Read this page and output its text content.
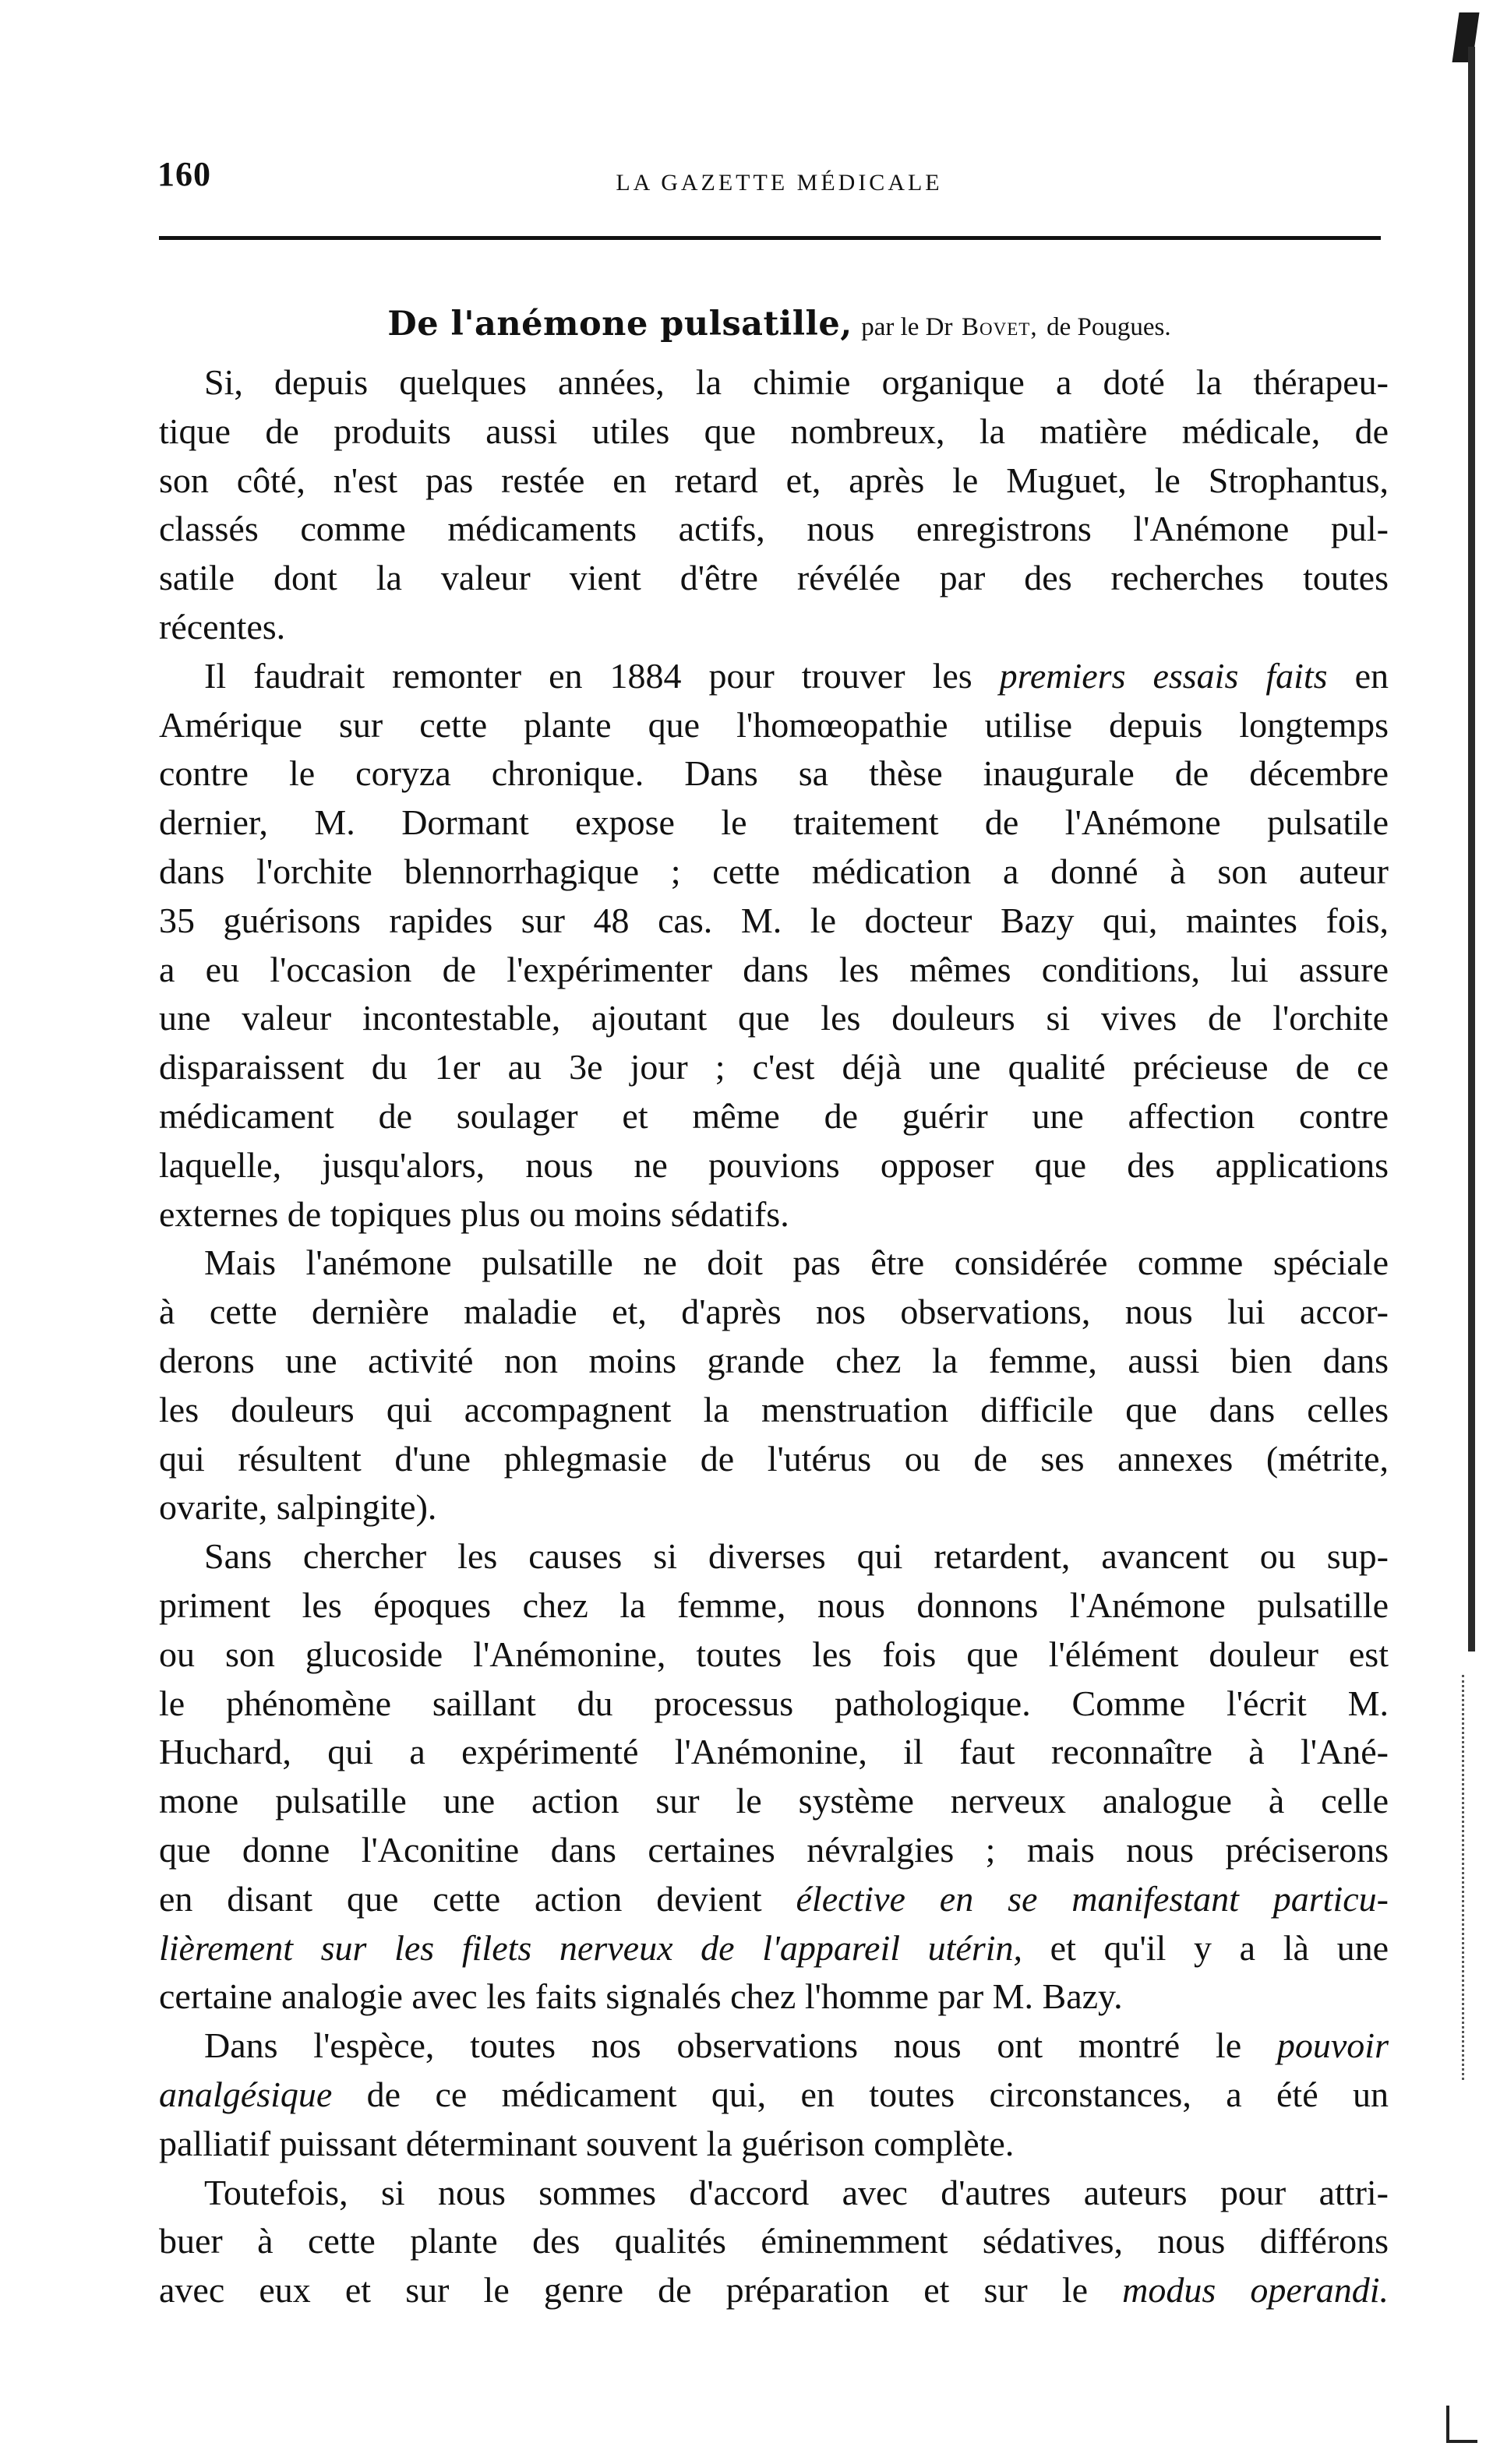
160	LA GAZETTE MÉDICALE
De l'anémone pulsatille, par le Dr Bovet, de Pougues.
Si, depuis quelques années, la chimie organique a doté la thérapeu-
tique de produits aussi utiles que nombreux, la matière médicale, de
son côté, n'est pas restée en retard et, après le Muguet, le Strophantus,
classés comme médicaments actifs, nous enregistrons l'Anémone pul-
satile dont la valeur vient d'être révélée par des recherches toutes
récentes.
Il faudrait remonter en 1884 pour trouver les premiers essais faits en
Amérique sur cette plante que l'homœopathie utilise depuis longtemps
contre le coryza chronique. Dans sa thèse inaugurale de décembre
dernier, M. Dormant expose le traitement de l'Anémone pulsatile
dans l'orchite blennorrhagique ; cette médication a donné à son auteur
35 guérisons rapides sur 48 cas. M. le docteur Bazy qui, maintes fois,
a eu l'occasion de l'expérimenter dans les mêmes conditions, lui assure
une valeur incontestable, ajoutant que les douleurs si vives de l'orchite
disparaissent du 1er au 3e jour ; c'est déjà une qualité précieuse de ce
médicament de soulager et même de guérir une affection contre
laquelle, jusqu'alors, nous ne pouvions opposer que des applications
externes de topiques plus ou moins sédatifs.
Mais l'anémone pulsatille ne doit pas être considérée comme spéciale
à cette dernière maladie et, d'après nos observations, nous lui accor-
derons une activité non moins grande chez la femme, aussi bien dans
les douleurs qui accompagnent la menstruation difficile que dans celles
qui résultent d'une phlegmasie de l'utérus ou de ses annexes (métrite,
ovarite, salpingite).
Sans chercher les causes si diverses qui retardent, avancent ou sup-
priment les époques chez la femme, nous donnons l'Anémone pulsatille
ou son glucoside l'Anémonine, toutes les fois que l'élément douleur est
le phénomène saillant du processus pathologique. Comme l'écrit M.
Huchard, qui a expérimenté l'Anémonine, il faut reconnaître à l'Ané-
mone pulsatille une action sur le système nerveux analogue à celle
que donne l'Aconitine dans certaines névralgies ; mais nous préciserons
en disant que cette action devient élective en se manifestant particu-
lièrement sur les filets nerveux de l'appareil utérin, et qu'il y a là une
certaine analogie avec les faits signalés chez l'homme par M. Bazy.
Dans l'espèce, toutes nos observations nous ont montré le pouvoir
analgésique de ce médicament qui, en toutes circonstances, a été un
palliatif puissant déterminant souvent la guérison complète.
Toutefois, si nous sommes d'accord avec d'autres auteurs pour attri-
buer à cette plante des qualités éminemment sédatives, nous différons
avec eux et sur le genre de préparation et sur le modus operandi.
